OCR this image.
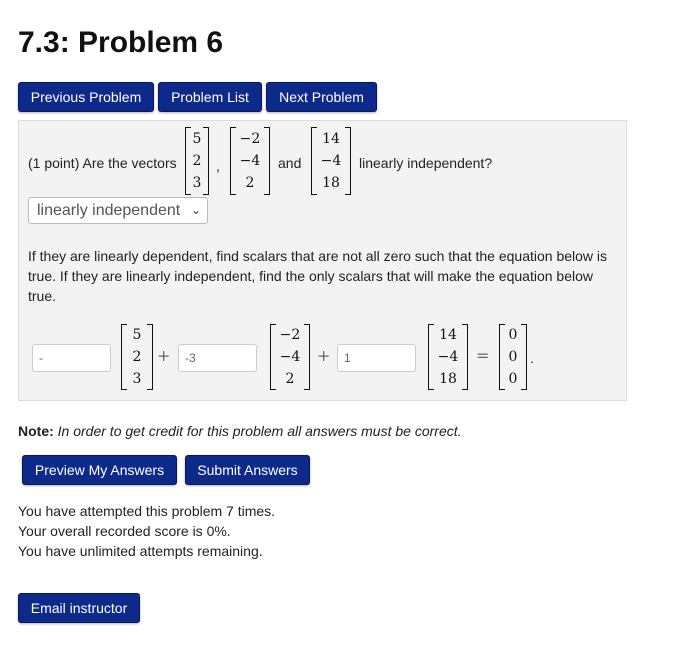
7.3: Problem 6
Previous Problem	Problem List	Next Problem
(1 point) Are the vectors
5
2
3
,
−2
−4
2
and
14
−4
18
linearly independent?
linearly independent ⌄
If they are linearly dependent, find scalars that are not all zero such that the equation below is true. If they are linearly independent, find the only scalars that will make the equation below true.
-
5
2
3
+	-3
−2
−4
2
+	1
14
−4
18
=
0
0
0
.
Note: In order to get credit for this problem all answers must be correct.
Preview My Answers	Submit Answers
You have attempted this problem 7 times.
Your overall recorded score is 0%.
You have unlimited attempts remaining.
Email instructor
